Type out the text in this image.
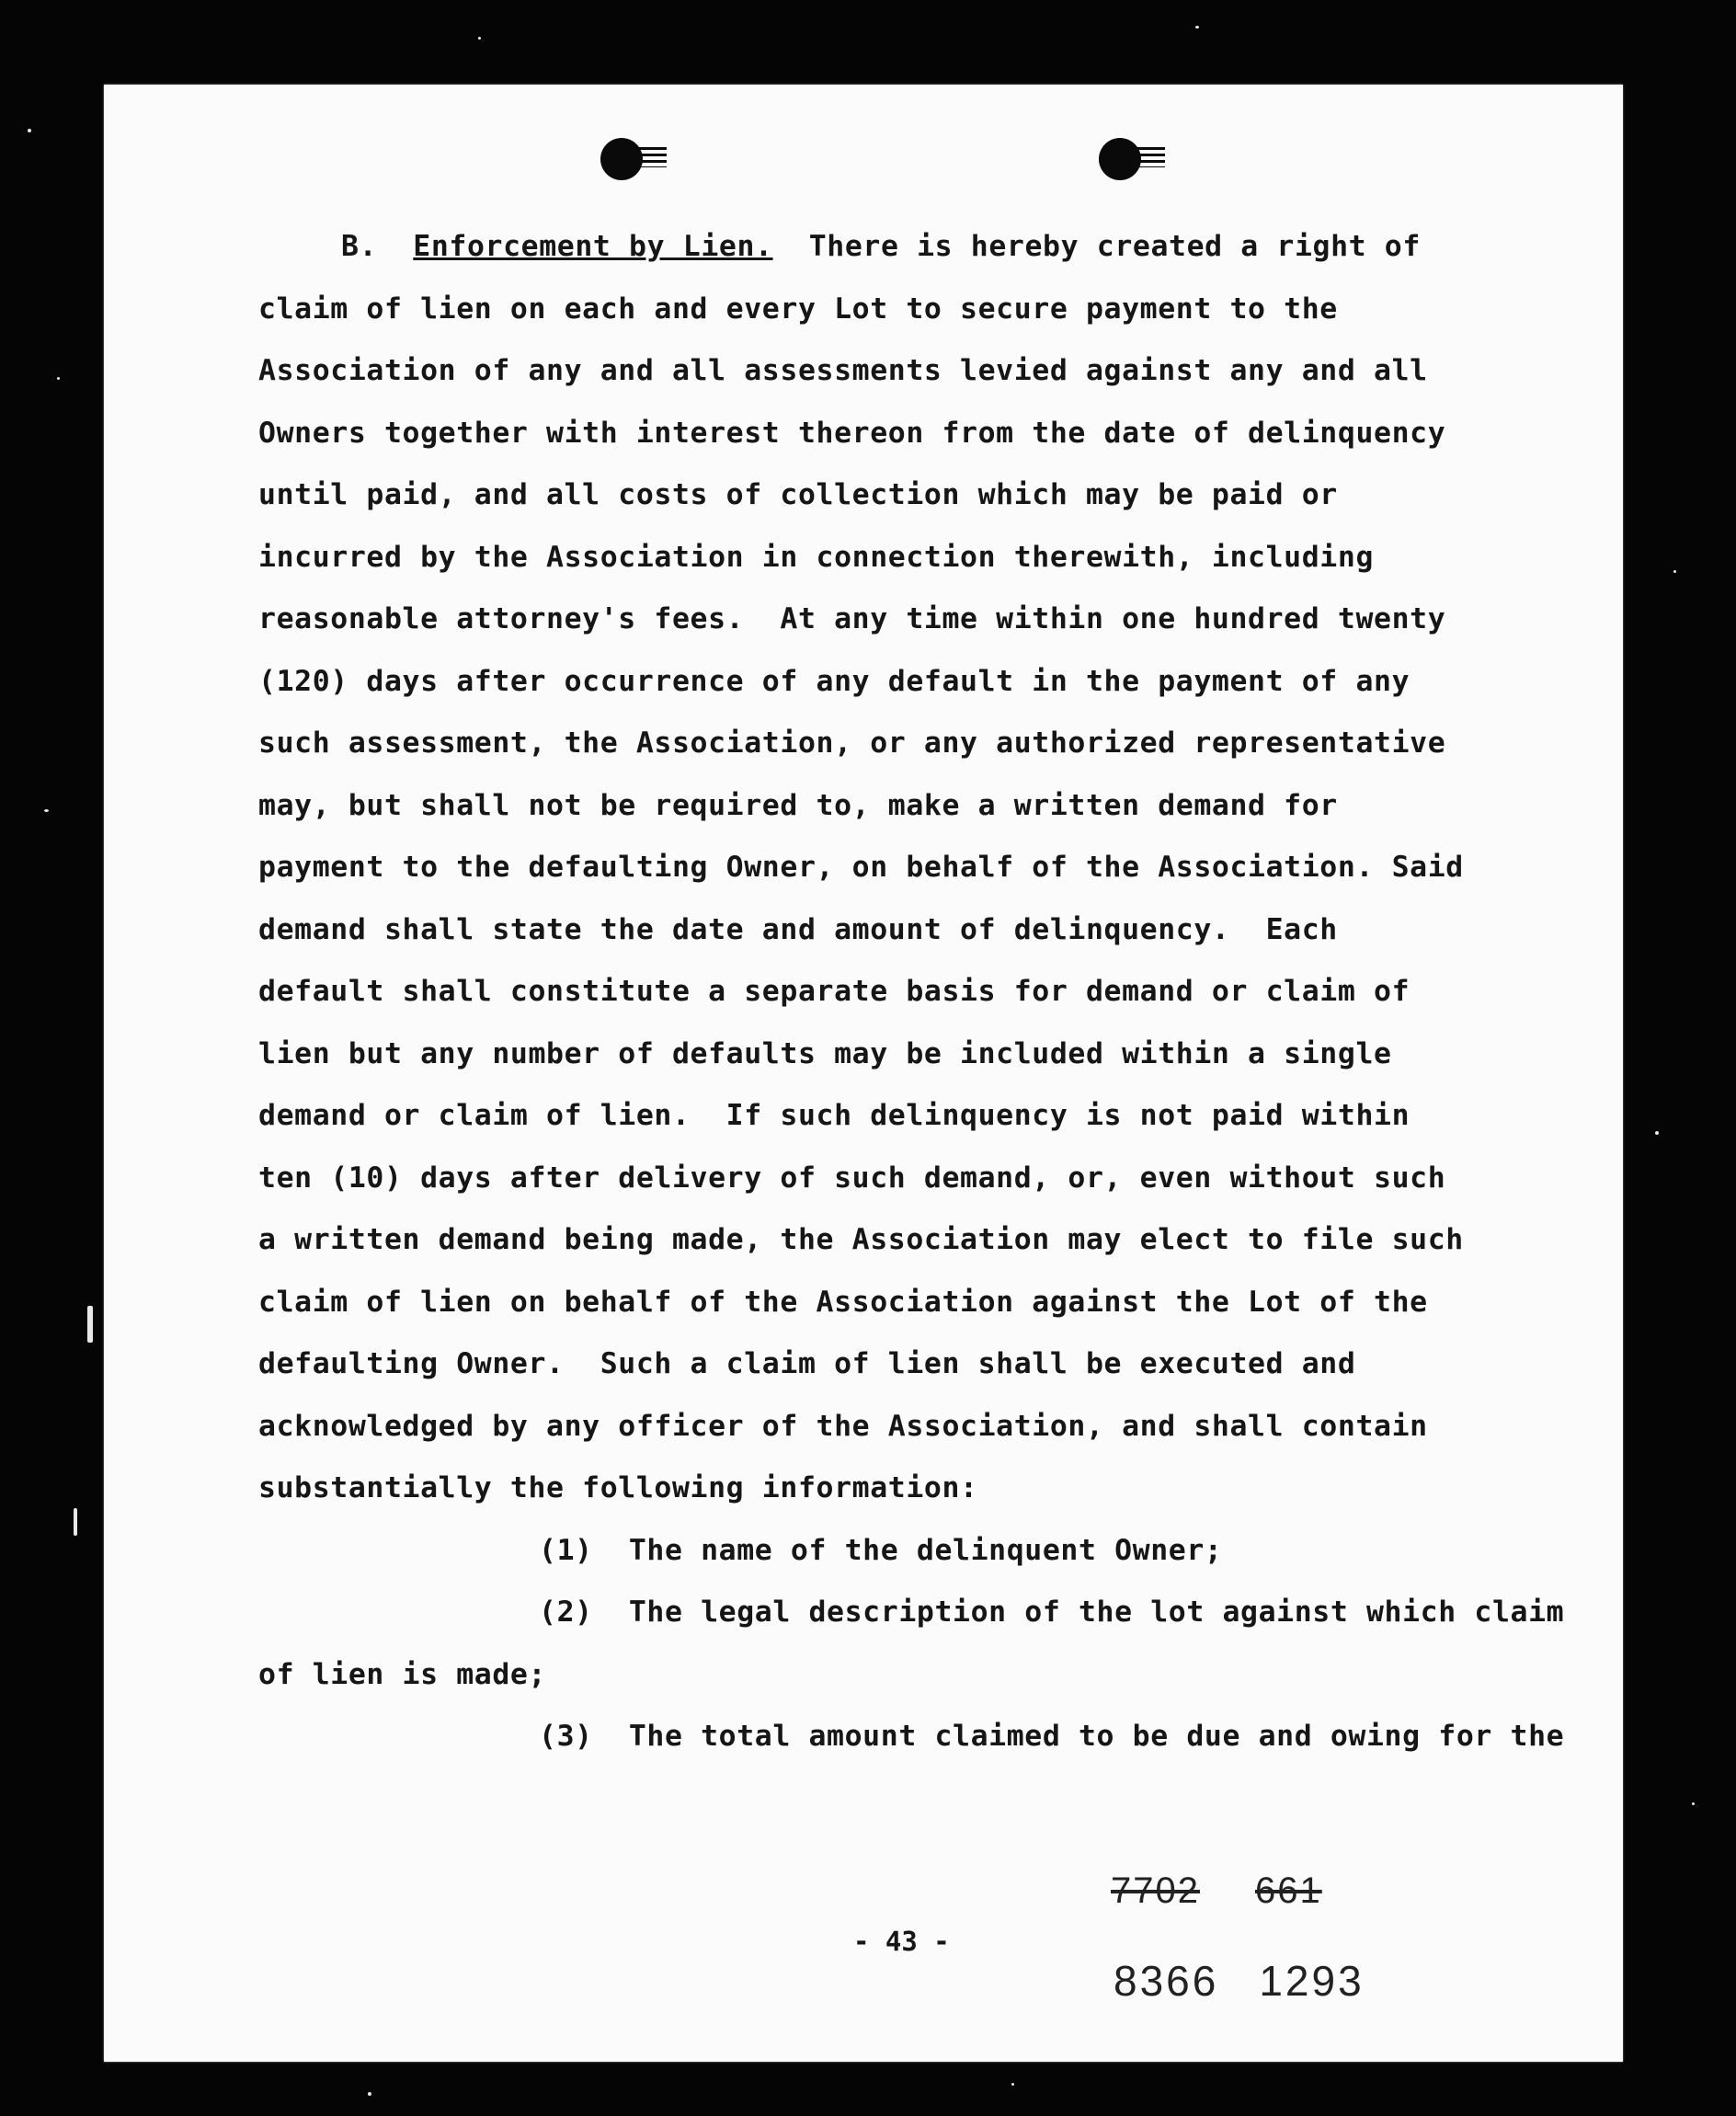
B. Enforcement by Lien. There is hereby created a right of
claim of lien on each and every Lot to secure payment to the
Association of any and all assessments levied against any and all
Owners together with interest thereon from the date of delinquency
until paid, and all costs of collection which may be paid or
incurred by the Association in connection therewith, including
reasonable attorney's fees.  At any time within one hundred twenty
(120) days after occurrence of any default in the payment of any
such assessment, the Association, or any authorized representative
may, but shall not be required to, make a written demand for
payment to the defaulting Owner, on behalf of the Association. Said
demand shall state the date and amount of delinquency.  Each
default shall constitute a separate basis for demand or claim of
lien but any number of defaults may be included within a single
demand or claim of lien.  If such delinquency is not paid within
ten (10) days after delivery of such demand, or, even without such
a written demand being made, the Association may elect to file such
claim of lien on behalf of the Association against the Lot of the
defaulting Owner.  Such a claim of lien shall be executed and
acknowledged by any officer of the Association, and shall contain
substantially the following information:
(1) The name of the delinquent Owner;
(2) The legal description of the lot against which claim
of lien is made;
(3) The total amount claimed to be due and owing for the
- 43 -
7702 661
8366 1293
